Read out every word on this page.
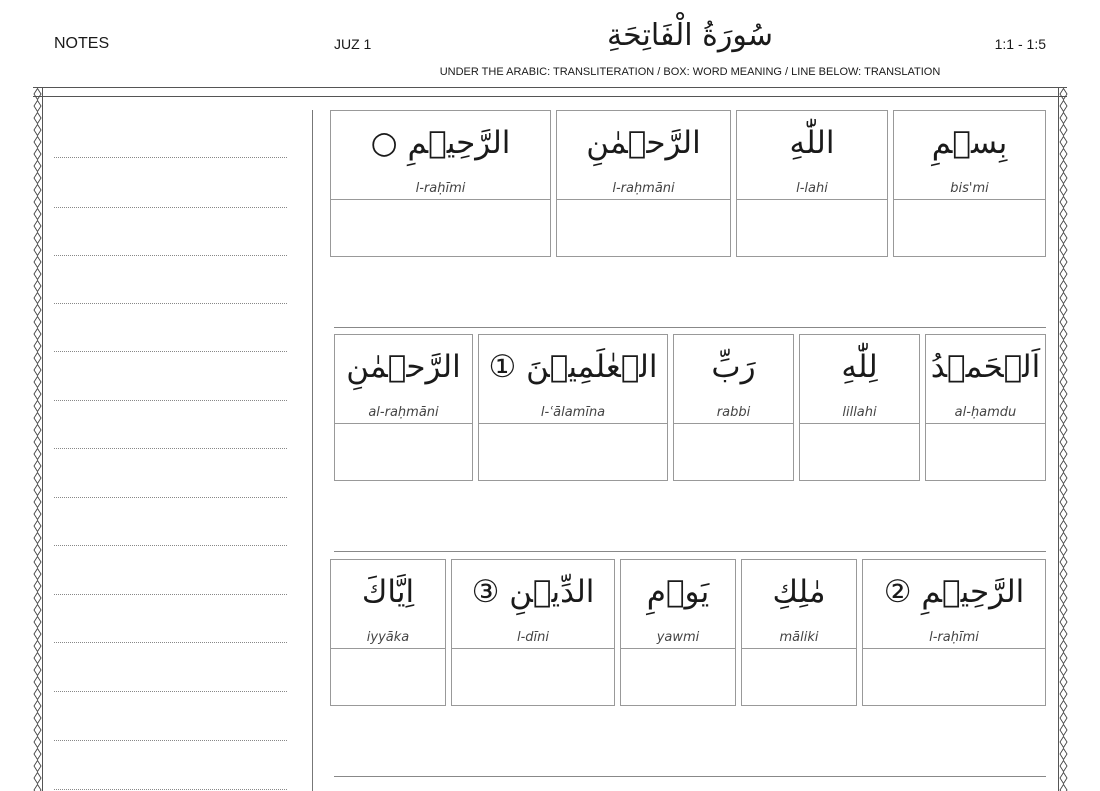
NOTES	JUZ 1	سُورَةُ الْفَاتِحَةِ	1:1 - 1:5
UNDER THE ARABIC: TRANSLITERATION / BOX: WORD MEANING / LINE BELOW: TRANSLATION
بِسۡمِ
bis'mi
اللّٰهِ
l-lahi
الرَّحۡمٰنِ
l-raḥmāni
الرَّحِيۡمِ ○
l-raḥīmi
اَلۡحَمۡدُ
al-ḥamdu
لِلّٰهِ
lillahi
رَبِّ
rabbi
الۡعٰلَمِيۡنَ ①
l-ʿālamīna
الرَّحۡمٰنِ
al-raḥmāni
الرَّحِيۡمِ ②
l-raḥīmi
مٰلِكِ
māliki
يَوۡمِ
yawmi
الدِّيۡنِ ③
l-dīni
اِيَّاكَ
iyyāka
